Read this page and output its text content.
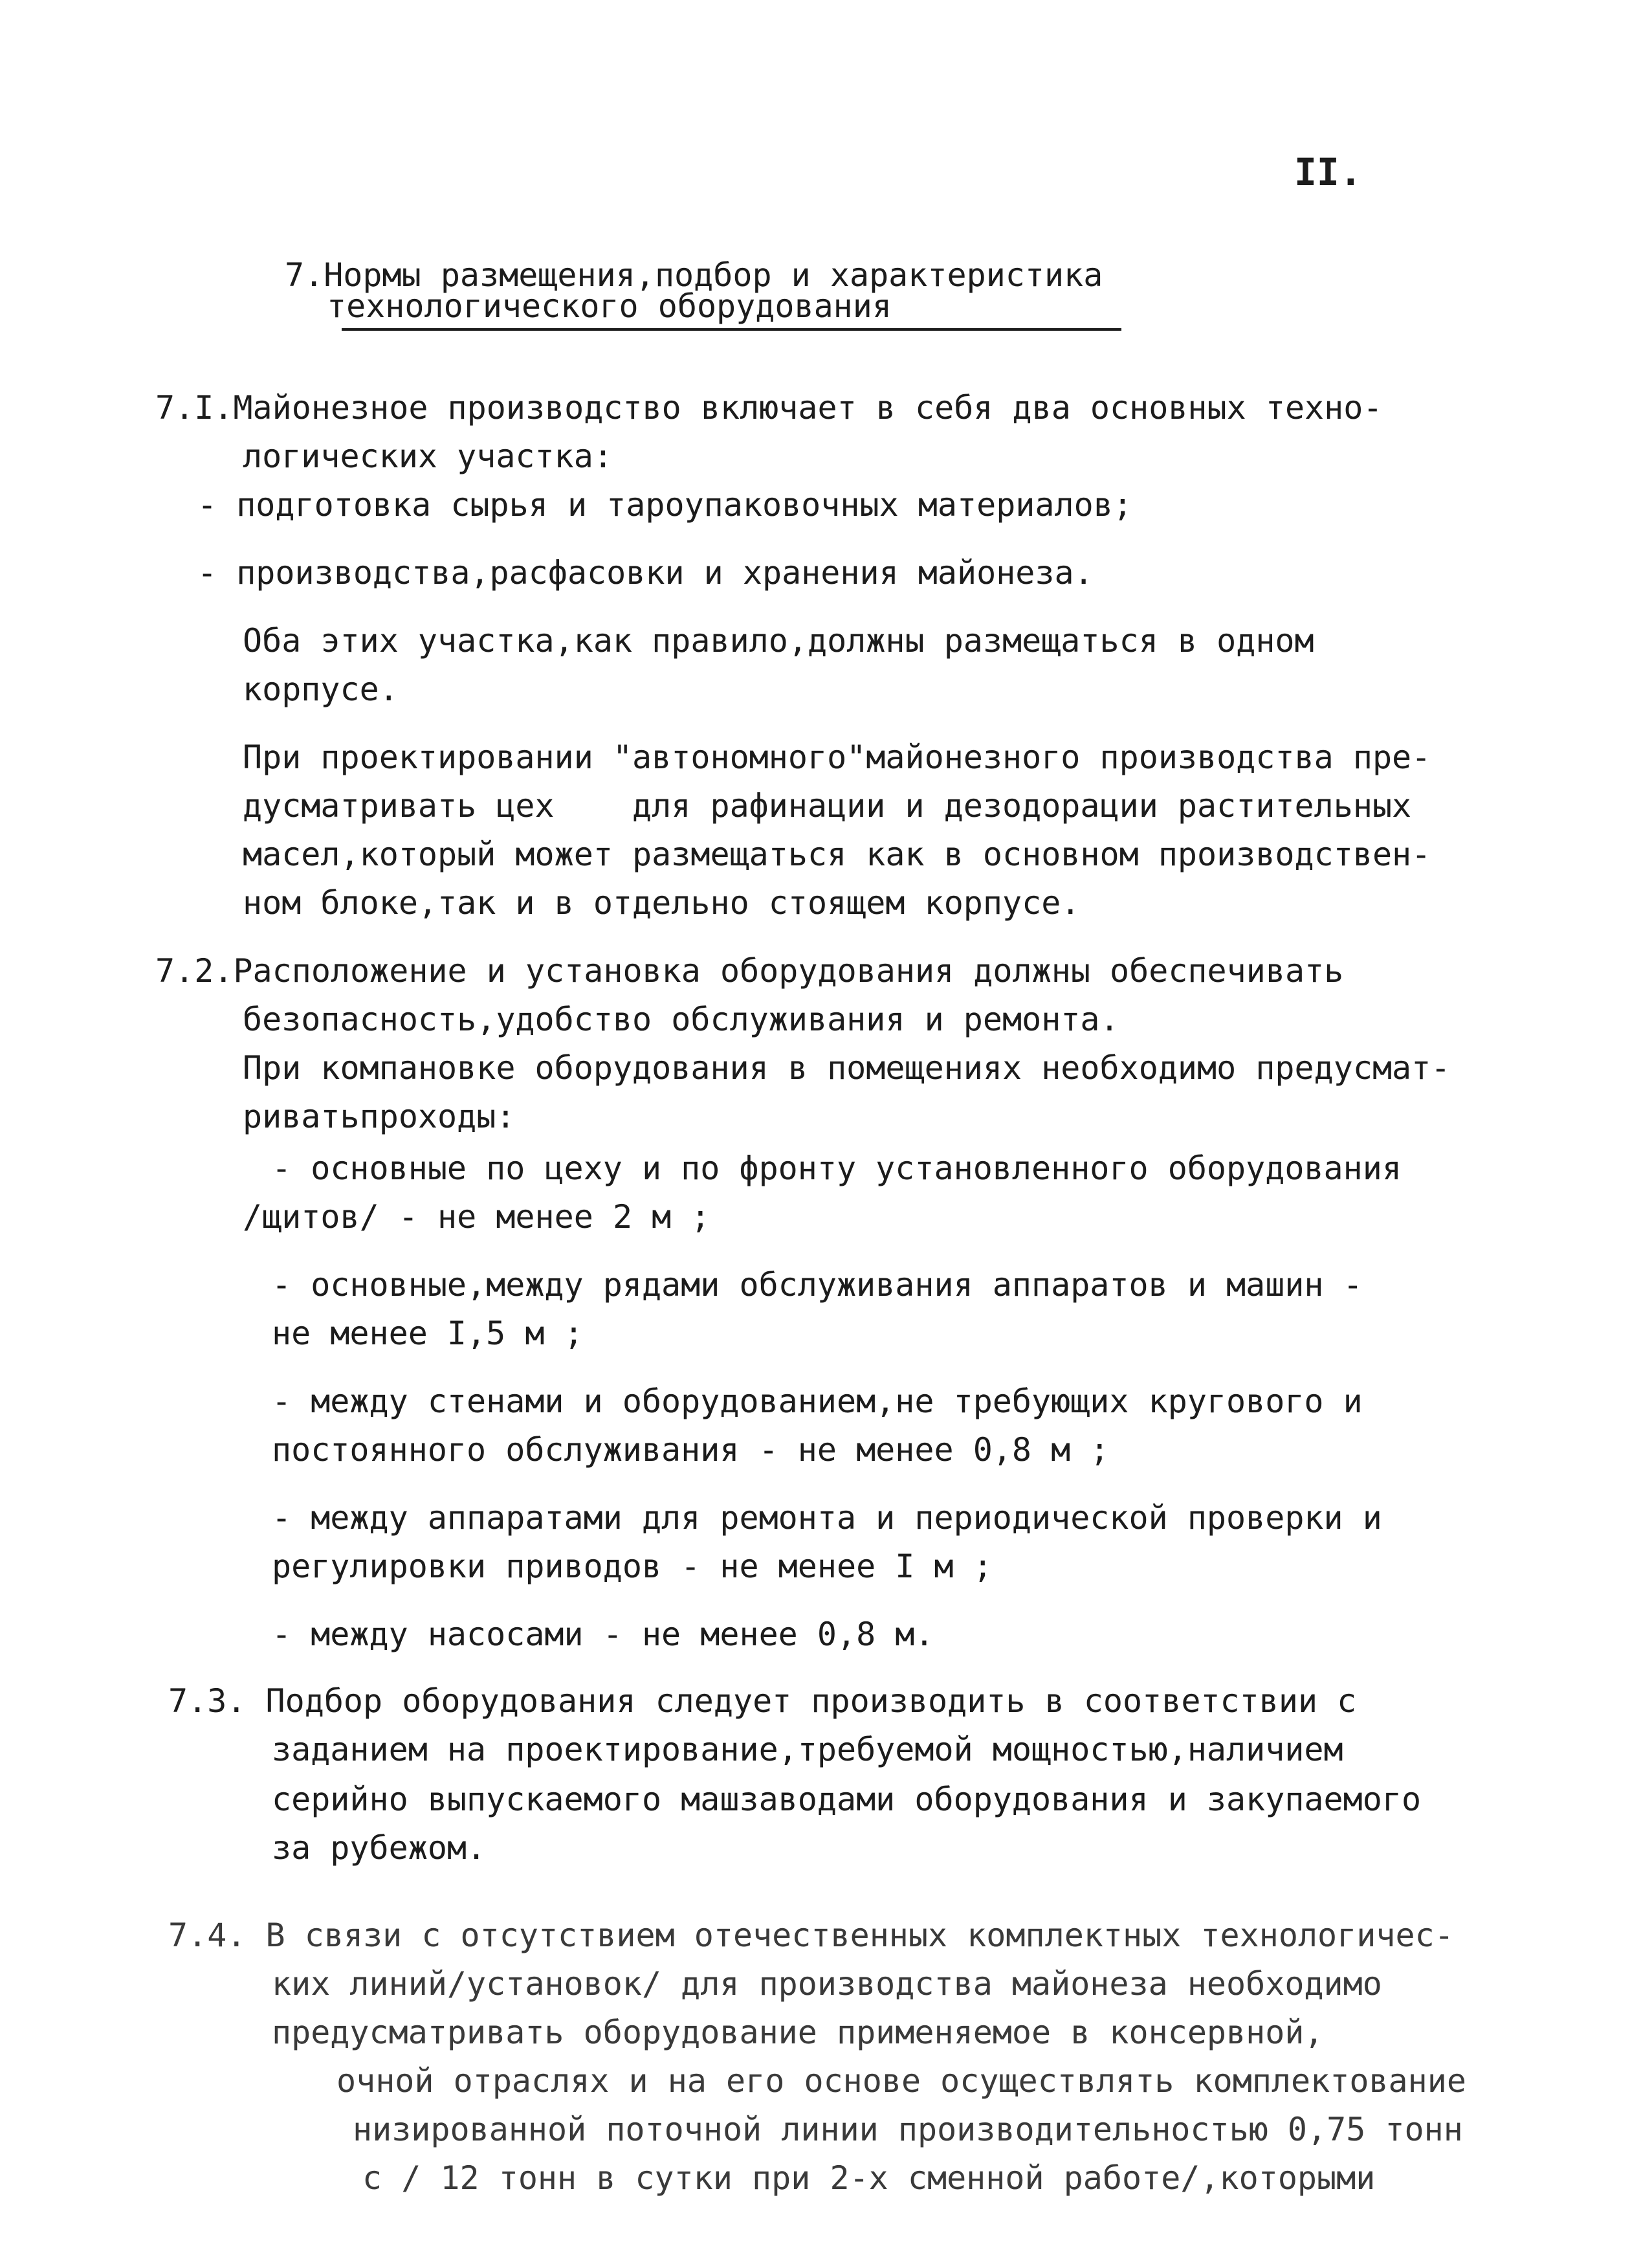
II.
7.Нормы размещения,подбор и характеристика
технологического оборудования
7.I.Майонезное производство включает в себя два основных техно-
логических участка:
- подготовка сырья и тароупаковочных материалов;
- производства,расфасовки и хранения майонеза.
Оба этих участка,как правило,должны размещаться в одном
корпусе.
При проектировании "автономного"майонезного производства пре-
дусматривать цех    для рафинации и дезодорации растительных
масел,который может размещаться как в основном производствен-
ном блоке,так и в отдельно стоящем корпусе.
7.2.Расположение и установка оборудования должны обеспечивать
безопасность,удобство обслуживания и ремонта.
При компановке оборудования в помещениях необходимо предусмат-
риватьпроходы:
- основные по цеху и по фронту установленного оборудования
/щитов/ - не менее 2 м ;
- основные,между рядами обслуживания аппаратов и машин -
не менее I,5 м ;
- между стенами и оборудованием,не требующих кругового и
постоянного обслуживания - не менее 0,8 м ;
- между аппаратами для ремонта и периодической проверки и
регулировки приводов - не менее I м ;
- между насосами - не менее 0,8 м.
7.3. Подбор оборудования следует производить в соответствии с
заданием на проектирование,требуемой мощностью,наличием
серийно выпускаемого машзаводами оборудования и закупаемого
за рубежом.
7.4. В связи с отсутствием отечественных комплектных технологичес-
ких линий/установок/ для производства майонеза необходимо
предусматривать оборудование применяемое в консервной,
очной отраслях и на его основе осуществлять комплектование
низированной поточной линии производительностью 0,75 тонн
с / 12 тонн в сутки при 2-х сменной работе/,которыми
